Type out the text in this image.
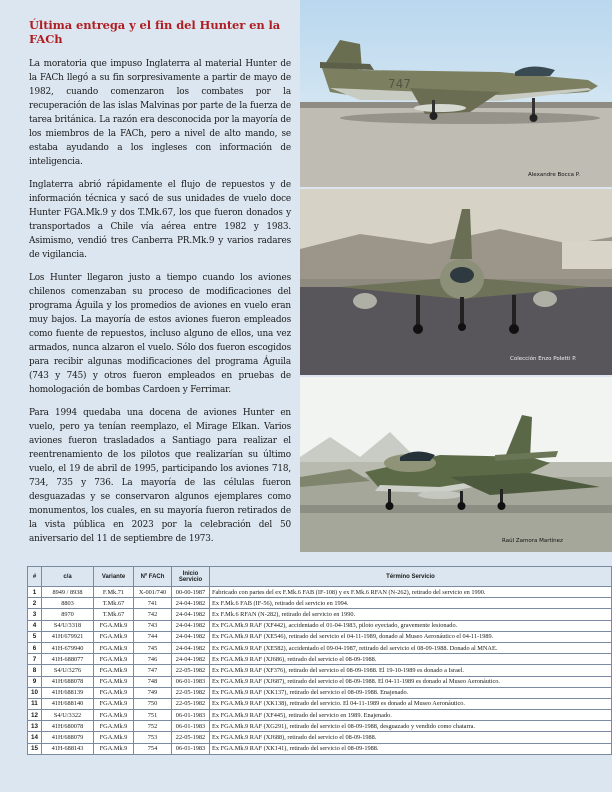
Última entrega y el fin del Hunter en la FACh

La moratoria que impuso Inglaterra al material Hunter de la FACh llegó a su fin sorpresivamente a partir de mayo de 1982, cuando comenzaron los combates por la recuperación de las islas Malvinas por parte de la fuerza de tarea británica. La razón era desconocida por la mayoría de los miembros de la FACh, pero a nivel de alto mando, se estaba ayudando a los ingleses con información de inteligencia.

Inglaterra abrió rápidamente el flujo de repuestos y de información técnica y sacó de sus unidades de vuelo doce Hunter FGA.Mk.9 y dos T.Mk.67, los que fueron donados y transportados a Chile vía aérea entre 1982 y 1983. Asimismo, vendió tres Canberra PR.Mk.9 y varios radares de vigilancia.

Los Hunter llegaron justo a tiempo cuando los aviones chilenos comenzaban su proceso de modificaciones del programa Águila y los promedios de aviones en vuelo eran muy bajos. La mayoría de estos aviones fueron empleados como fuente de repuestos, incluso alguno de ellos, una vez armados, nunca alzaron el vuelo. Sólo dos fueron escogidos para recibir algunas modificaciones del programa Águila (743 y 745) y otros fueron empleados en pruebas de homologación de bombas Cardoen y Ferrimar.

Para 1994 quedaba una docena de aviones Hunter en vuelo, pero ya tenían reemplazo, el Mirage Elkan. Varios aviones fueron trasladados a Santiago para realizar el reentrenamiento de los pilotos que realizarían su último vuelo, el 19 de abril de 1995, participando los aviones 718, 734, 735 y 736. La mayoría de las células fueron desguazadas y se conservaron algunos ejemplares como monumentos, los cuales, en su mayoría fueron retirados de la vista pública en 2023 por la celebración del 50 aniversario del 11 de septiembre de 1973.

747
Alexandre Bocca P.
Colección Enzo Poletti P.
Raúl Zamora Martínez
#	c/a	Variante	Nº FACh	Inicio Servicio	Término Servicio
1	8949 / 8938	F.Mk.71	X-001/740	00-00-1987	Fabricado con partes del ex F.Mk.6 FAB (IF-108) y ex F.Mk.6 RFAN (N-262), retirado del servicio en 1990.
2	8803	T.Mk.67	741	24-04-1982	Ex F.Mk.6 FAB (IF-56), retirado del servicio en 1994.
3	8970	T.Mk.67	742	24-04-1982	Ex F.Mk.6 RFAN (N-282), retirado del servicio en 1990.
4	S4/U/3318	FGA.Mk.9	743	24-04-1982	Ex FGA.Mk.9 RAF (XF442), accidentado el 01-04-1983, piloto eyectado, gravemente lesionado.
5	41H/679921	FGA.Mk.9	744	24-04-1982	Ex FGA.Mk.9 RAF (XE546), retirado del servicio el 04-11-1989, donado al Museo Aeronáutico el 04-11-1989.
6	41H-679940	FGA.Mk.9	745	24-04-1982	Ex FGA.Mk.9 RAF (XE582), accidentado el 09-04-1987, retirado del servicio el 08-09-1988. Donado al MNAE.
7	41H-688077	FGA.Mk.9	746	24-04-1982	Ex FGA.Mk.9 RAF (XJ686), retirado del servicio el 08-09-1988.
8	S4/U/3276	FGA.Mk.9	747	22-05-1982	Ex FGA.Mk.9 RAF (XF376), retirado del servicio el 08-09-1988. El 19-10-1989 es donado a Israel.
9	41H/688078	FGA.Mk.9	748	06-01-1983	Ex FGA.Mk.9 RAF (XJ687), retirado del servicio el 08-09-1988. El 04-11-1989 es donado al Museo Aeronáutico.
10	41H/688139	FGA.Mk.9	749	22-05-1982	Ex FGA.Mk.9 RAF (XK137), retirado del servicio el 08-09-1988. Enajenado.
11	41H/688140	FGA.Mk.9	750	22-05-1982	Ex FGA.Mk.9 RAF (XK138), retirado del servicio. El 04-11-1989 es donado al Museo Aeronáutico.
12	S4/U/3322	FGA.Mk.9	751	06-01-1983	Ex FGA.Mk.9 RAF (XF445), retirado del servicio en 1989. Enajenado.
13	41H/680078	FGA.Mk.9	752	06-01-1983	Ex FGA.Mk.9 RAF (XG291), retirado del servicio el 08-09-1988, desguazado y vendido como chatarra.
14	41H/688079	FGA.Mk.9	753	22-05-1982	Ex FGA.Mk.9 RAF (XJ688), retirado del servicio el 08-09-1988.
15	41H-688143	FGA.Mk.9	754	06-01-1983	Ex FGA.Mk.9 RAF (XK141), retirado del servicio el 08-09-1988.
